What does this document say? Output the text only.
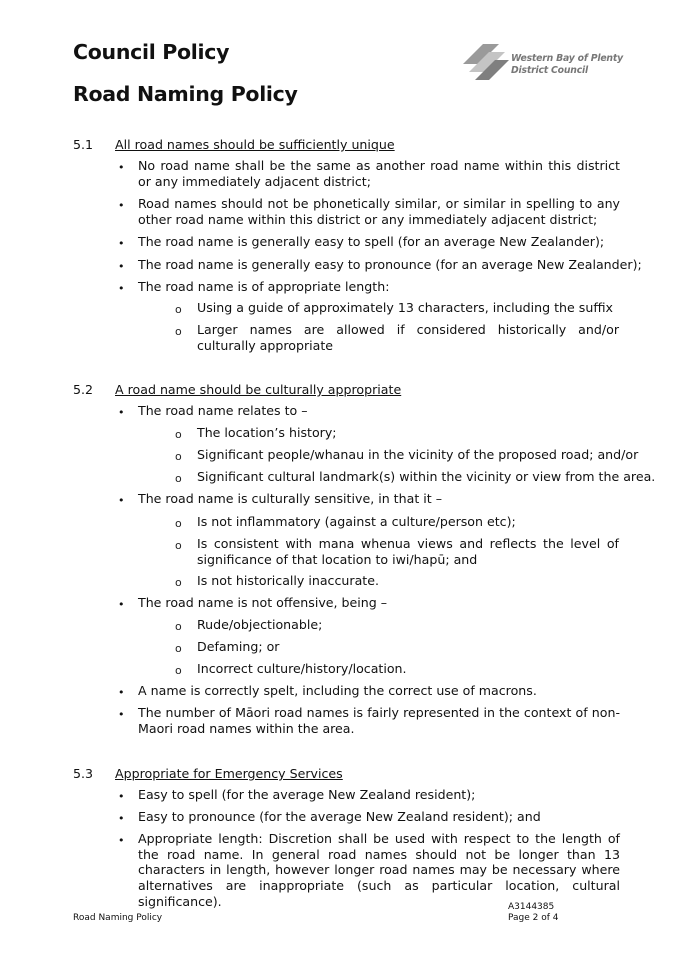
Council Policy
Road Naming Policy
Western Bay of Plenty
District Council
5.1 All road names should be sufficiently unique
• No road name shall be the same as another road name within this district or any immediately adjacent district;
• Road names should not be phonetically similar, or similar in spelling to any other road name within this district or any immediately adjacent district;
• The road name is generally easy to spell (for an average New Zealander);
• The road name is generally easy to pronounce (for an average New Zealander);
• The road name is of appropriate length:
o Using a guide of approximately 13 characters, including the suffix
o Larger names are allowed if considered historically and/or culturally appropriate
5.2 A road name should be culturally appropriate
• The road name relates to –
o The location’s history;
o Significant people/whanau in the vicinity of the proposed road; and/or
o Significant cultural landmark(s) within the vicinity or view from the area.
• The road name is culturally sensitive, in that it –
o Is not inflammatory (against a culture/person etc);
o Is consistent with mana whenua views and reflects the level of significance of that location to iwi/hapū; and
o Is not historically inaccurate.
• The road name is not offensive, being –
o Rude/objectionable;
o Defaming; or
o Incorrect culture/history/location.
• A name is correctly spelt, including the correct use of macrons.
• The number of Māori road names is fairly represented in the context of non-Maori road names within the area.
5.3 Appropriate for Emergency Services
• Easy to spell (for the average New Zealand resident);
• Easy to pronounce (for the average New Zealand resident); and
• Appropriate length: Discretion shall be used with respect to the length of the road name. In general road names should not be longer than 13 characters in length, however longer road names may be necessary where alternatives are inappropriate (such as particular location, cultural significance).
Road Naming Policy
A3144385
Page 2 of 4
